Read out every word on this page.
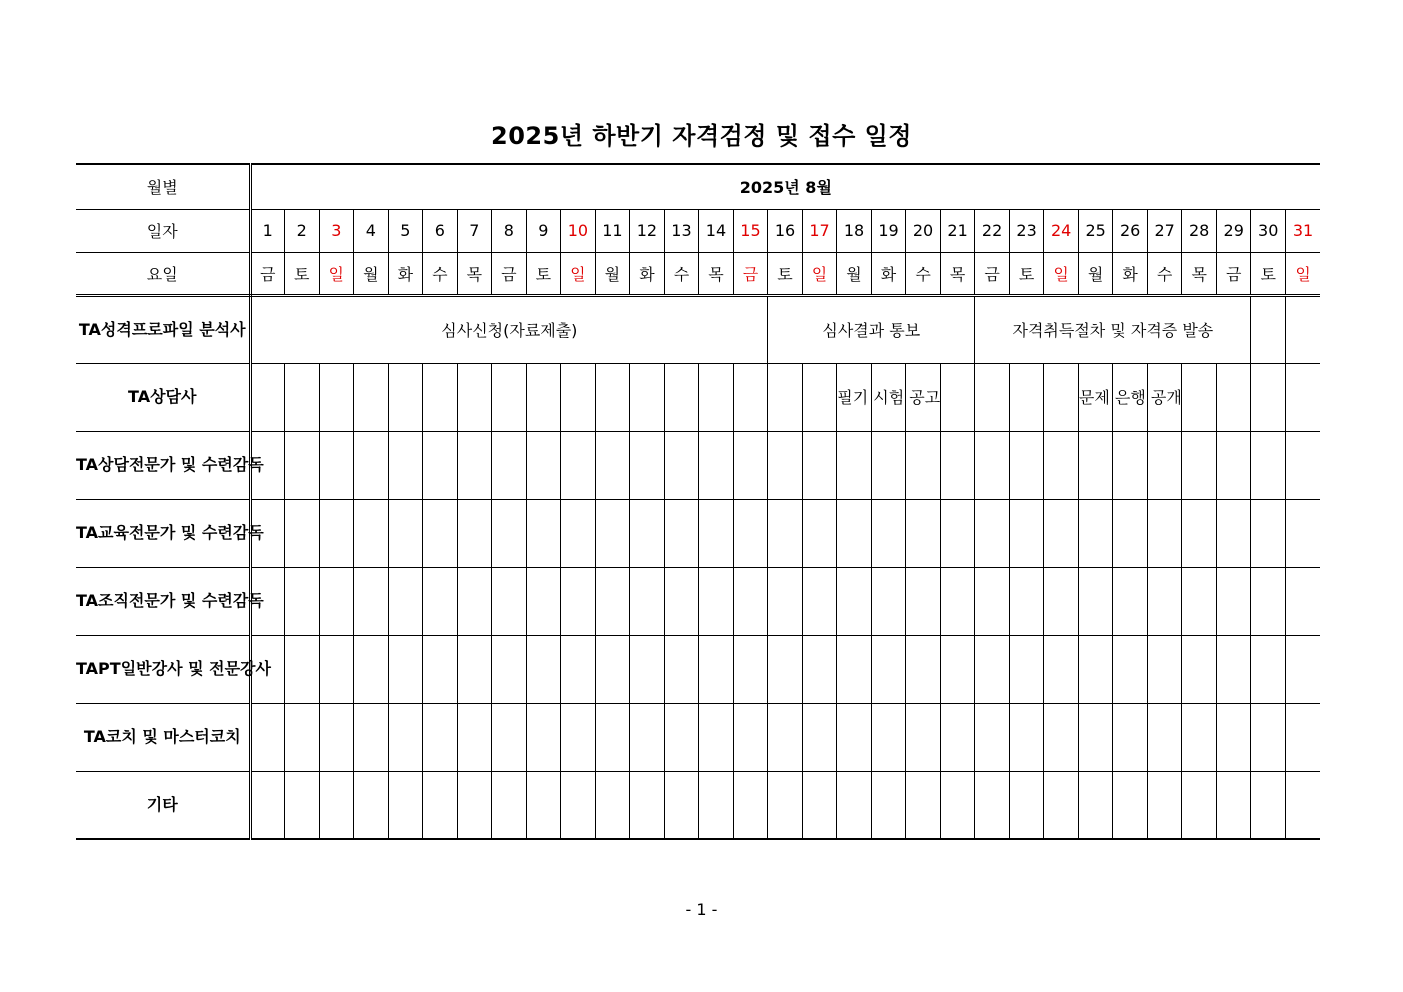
2025년 하반기 자격검정 및 접수 일정
월별	2025년 8월																														
일자	1	2	3	4	5	6	7	8	9	10	11	12	13	14	15	16	17	18	19	20	21	22	23	24	25	26	27	28	29	30	31
요일	금	토	일	월	화	수	목	금	토	일	월	화	수	목	금	토	일	월	화	수	목	금	토	일	월	화	수	목	금	토	일
TA성격프로파일 분석사	심사신청(자료제출)															심사결과 통보						자격취득절차 및 자격증 발송									
TA상담사																		필기 시험 공고							문제 은행 공개						
TA상담전문가 및 수련감독																															
TA교육전문가 및 수련감독																															
TA조직전문가 및 수련감독																															
TAPT일반강사 및 전문강사																															
TA코치 및 마스터코치																															
기타																															
- 1 -
